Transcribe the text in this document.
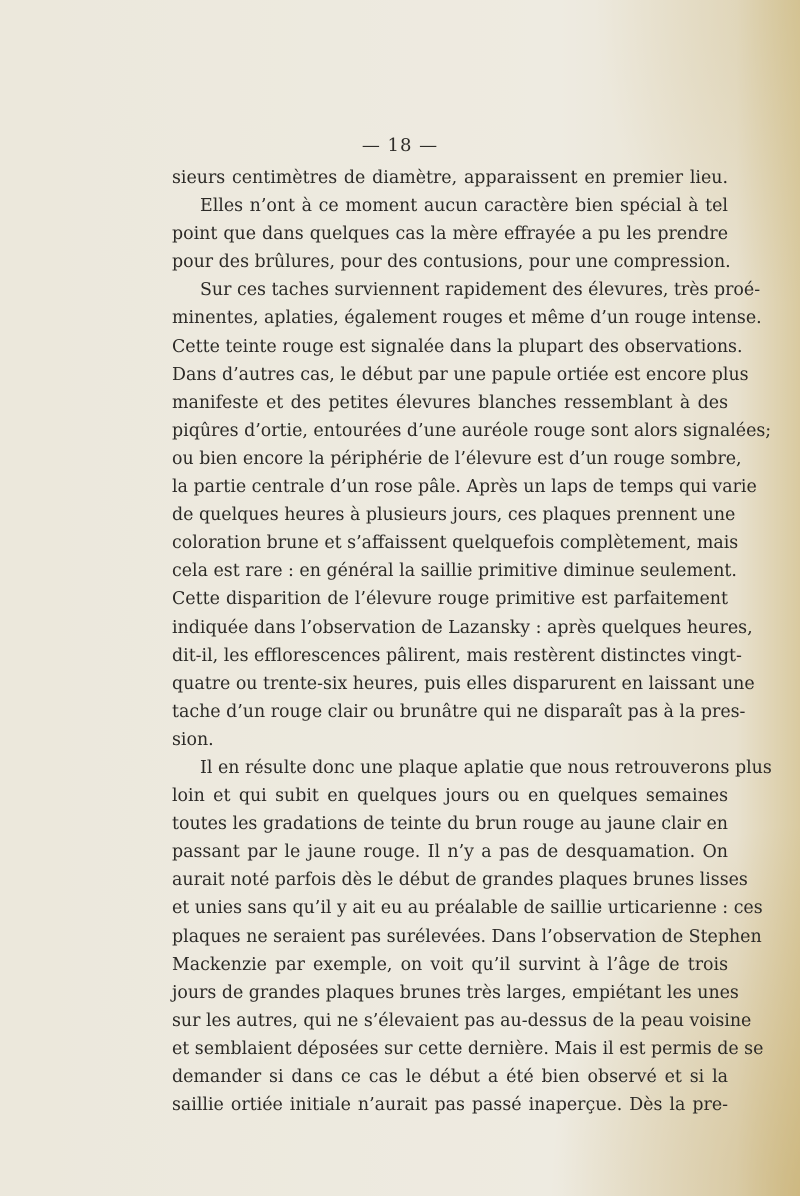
— 18 —
sieurs centimètres de diamètre, apparaissent en premier lieu.
Elles n’ont à ce moment aucun caractère bien spécial à tel
point que dans quelques cas la mère effrayée a pu les prendre
pour des brûlures, pour des contusions, pour une compression.
Sur ces taches surviennent rapidement des élevures, très proé-
minentes, aplaties, également rouges et même d’un rouge intense.
Cette teinte rouge est signalée dans la plupart des observations.
Dans d’autres cas, le début par une papule ortiée est encore plus
manifeste et des petites élevures blanches ressemblant à des
piqûres d’ortie, entourées d’une auréole rouge sont alors signalées;
ou bien encore la périphérie de l’élevure est d’un rouge sombre,
la partie centrale d’un rose pâle. Après un laps de temps qui varie
de quelques heures à plusieurs jours, ces plaques prennent une
coloration brune et s’affaissent quelquefois complètement, mais
cela est rare : en général la saillie primitive diminue seulement.
Cette disparition de l’élevure rouge primitive est parfaitement
indiquée dans l’observation de Lazansky : après quelques heures,
dit-il, les efflorescences pâlirent, mais restèrent distinctes vingt-
quatre ou trente-six heures, puis elles disparurent en laissant une
tache d’un rouge clair ou brunâtre qui ne disparaît pas à la pres-
sion.
Il en résulte donc une plaque aplatie que nous retrouverons plus
loin et qui subit en quelques jours ou en quelques semaines
toutes les gradations de teinte du brun rouge au jaune clair en
passant par le jaune rouge. Il n’y a pas de desquamation. On
aurait noté parfois dès le début de grandes plaques brunes lisses
et unies sans qu’il y ait eu au préalable de saillie urticarienne : ces
plaques ne seraient pas surélevées. Dans l’observation de Stephen
Mackenzie par exemple, on voit qu’il survint à l’âge de trois
jours de grandes plaques brunes très larges, empiétant les unes
sur les autres, qui ne s’élevaient pas au-dessus de la peau voisine
et semblaient déposées sur cette dernière. Mais il est permis de se
demander si dans ce cas le début a été bien observé et si la
saillie ortiée initiale n’aurait pas passé inaperçue. Dès la pre-
